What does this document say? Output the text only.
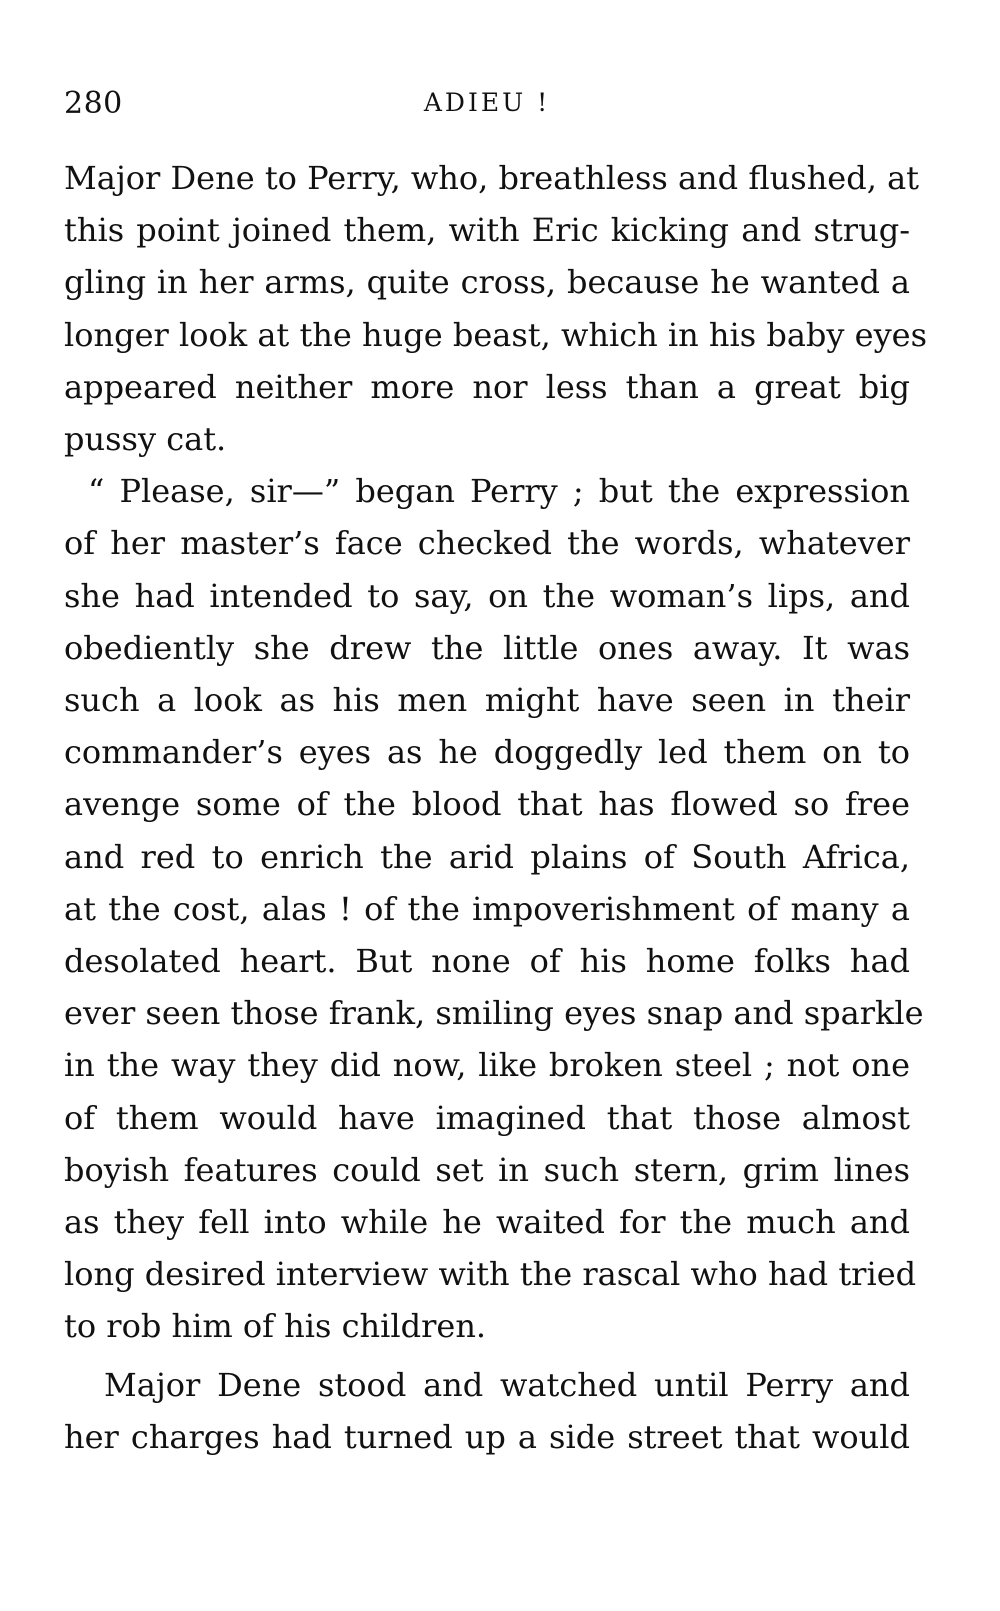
280	ADIEU !

Major Dene to Perry, who, breathless and flushed, at
this point joined them, with Eric kicking and strug-
gling in her arms, quite cross, because he wanted a
longer look at the huge beast, which in his baby eyes
appeared neither more nor less than a great big
pussy cat.

“ Please, sir—” began Perry ; but the expression

of her master’s face checked the words, whatever
she had intended to say, on the woman’s lips, and
obediently she drew the little ones away. It was
such a look as his men might have seen in their
commander’s eyes as he doggedly led them on to
avenge some of the blood that has flowed so free
and red to enrich the arid plains of South Africa,
at the cost, alas ! of the impoverishment of many a
desolated heart. But none of his home folks had
ever seen those frank, smiling eyes snap and sparkle
in the way they did now, like broken steel ; not one
of them would have imagined that those almost
boyish features could set in such stern, grim lines
as they fell into while he waited for the much and
long desired interview with the rascal who had tried
to rob him of his children.

Major Dene stood and watched until Perry and

her charges had turned up a side street that would
